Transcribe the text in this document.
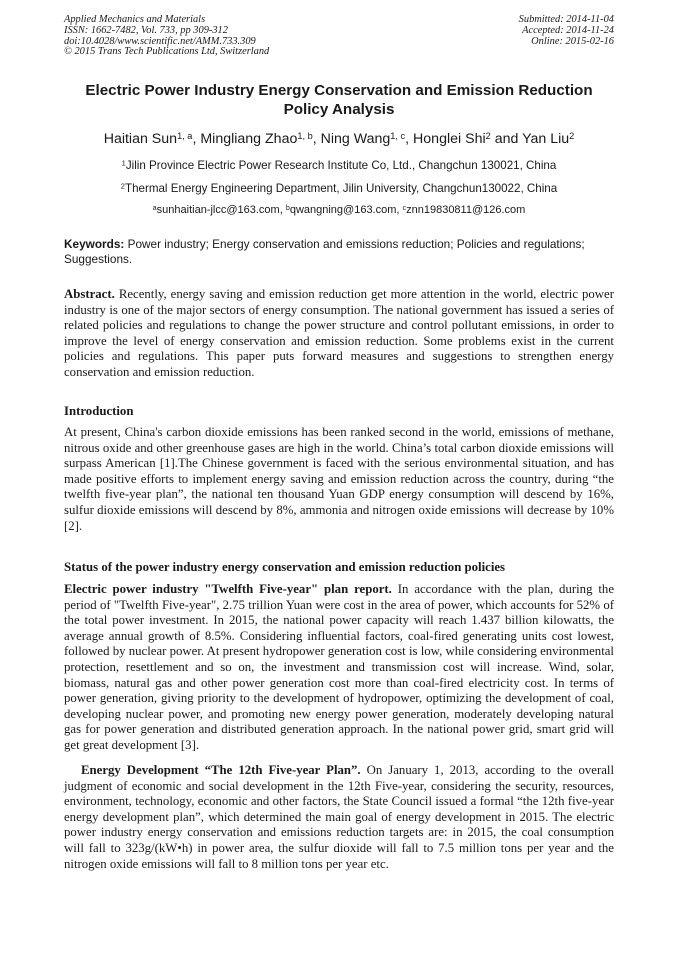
Applied Mechanics and Materials
ISSN: 1662-7482, Vol. 733, pp 309-312
doi:10.4028/www.scientific.net/AMM.733.309
© 2015 Trans Tech Publications Ltd, Switzerland
Submitted: 2014-11-04
Accepted: 2014-11-24
Online: 2015-02-16
Electric Power Industry Energy Conservation and Emission Reduction Policy Analysis
Haitian Sun$^{1, a}$, Mingliang Zhao$^{1, b}$, Ning Wang$^{1, c}$, Honglei Shi$^2$ and Yan Liu$^2$
$^1$Jilin Province Electric Power Research Institute Co, Ltd., Changchun 130021, China
$^2$Thermal Energy Engineering Department, Jilin University, Changchun130022, China
$^a$sunhaitian-jlcc@163.com, $^b$qwangning@163.com, $^c$znn19830811@126.com

Keywords: Power industry; Energy conservation and emissions reduction; Policies and regulations; Suggestions.

Abstract. Recently, energy saving and emission reduction get more attention in the world, electric power industry is one of the major sectors of energy consumption. The national government has issued a series of related policies and regulations to change the power structure and control pollutant emissions, in order to improve the level of energy conservation and emission reduction. Some problems exist in the current policies and regulations. This paper puts forward measures and suggestions to strengthen energy conservation and emission reduction.

Introduction

At present, China's carbon dioxide emissions has been ranked second in the world, emissions of methane, nitrous oxide and other greenhouse gases are high in the world. China’s total carbon dioxide emissions will surpass American [1].The Chinese government is faced with the serious environmental situation, and has made positive efforts to implement energy saving and emission reduction across the country, during “the twelfth five-year plan”, the national ten thousand Yuan GDP energy consumption will descend by 16%, sulfur dioxide emissions will descend by 8%, ammonia and nitrogen oxide emissions will decrease by 10% [2].

Status of the power industry energy conservation and emission reduction policies

Electric power industry "Twelfth Five-year" plan report. In accordance with the plan, during the period of "Twelfth Five-year", 2.75 trillion Yuan were cost in the area of power, which accounts for 52% of the total power investment. In 2015, the national power capacity will reach 1.437 billion kilowatts, the average annual growth of 8.5%. Considering influential factors, coal-fired generating units cost lowest, followed by nuclear power. At present hydropower generation cost is low, while considering environmental protection, resettlement and so on, the investment and transmission cost will increase. Wind, solar, biomass, natural gas and other power generation cost more than coal-fired electricity cost. In terms of power generation, giving priority to the development of hydropower, optimizing the development of coal, developing nuclear power, and promoting new energy power generation, moderately developing natural gas for power generation and distributed generation approach. In the national power grid, smart grid will get great development [3].

Energy Development “The 12th Five-year Plan”. On January 1, 2013, according to the overall judgment of economic and social development in the 12th Five-year, considering the security, resources, environment, technology, economic and other factors, the State Council issued a formal “the 12th five-year energy development plan”, which determined the main goal of energy development in 2015. The electric power industry energy conservation and emissions reduction targets are: in 2015, the coal consumption will fall to 323g/(kW•h) in power area, the sulfur dioxide will fall to 7.5 million tons per year and the nitrogen oxide emissions will fall to 8 million tons per year etc.
